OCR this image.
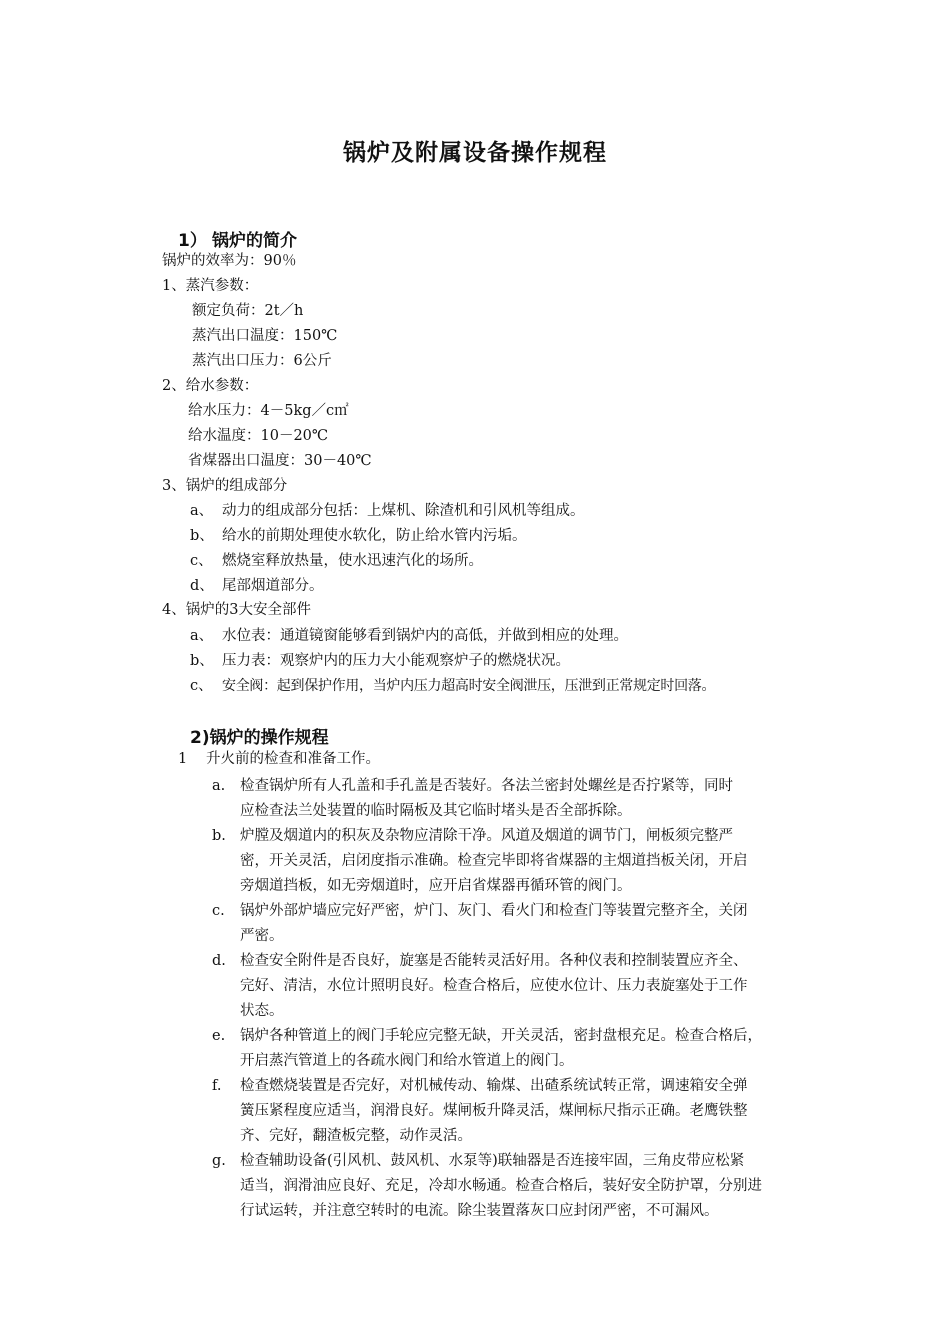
锅炉及附属设备操作规程
1） 锅炉的简介
锅炉的效率为：90％
1、蒸汽参数：
额定负荷：2t／h
蒸汽出口温度：150℃
蒸汽出口压力：6公斤
2、给水参数：
给水压力：4－5kg／c㎡
给水温度：10－20℃
省煤器出口温度：30－40℃
3、锅炉的组成部分
a、 动力的组成部分包括：上煤机、除渣机和引风机等组成。
b、 给水的前期处理使水软化，防止给水管内污垢。
c、 燃烧室释放热量，使水迅速汽化的场所。
d、 尾部烟道部分。
4、锅炉的3大安全部件
a、 水位表：通道镜窗能够看到锅炉内的高低，并做到相应的处理。
b、 压力表：观察炉内的压力大小能观察炉子的燃烧状况。
c、 安全阀：起到保护作用，当炉内压力超高时安全阀泄压，压泄到正常规定时回落。
2)锅炉的操作规程
1 升火前的检查和准备工作。
a. 检查锅炉所有人孔盖和手孔盖是否装好。各法兰密封处螺丝是否拧紧等，同时
应检查法兰处装置的临时隔板及其它临时堵头是否全部拆除。
b. 炉膛及烟道内的积灰及杂物应清除干净。风道及烟道的调节门，闸板须完整严
密，开关灵活，启闭度指示准确。检查完毕即将省煤器的主烟道挡板关闭，开启
旁烟道挡板，如无旁烟道时，应开启省煤器再循环管的阀门。
c. 锅炉外部炉墙应完好严密，炉门、灰门、看火门和检查门等装置完整齐全，关闭
严密。
d. 检查安全附件是否良好，旋塞是否能转灵活好用。各种仪表和控制装置应齐全、
完好、清洁，水位计照明良好。检查合格后，应使水位计、压力表旋塞处于工作
状态。
e. 锅炉各种管道上的阀门手轮应完整无缺，开关灵活，密封盘根充足。检查合格后，
开启蒸汽管道上的各疏水阀门和给水管道上的阀门。
f. 检查燃烧装置是否完好，对机械传动、输煤、出碴系统试转正常，调速箱安全弹
簧压紧程度应适当，润滑良好。煤闸板升降灵活，煤闸标尺指示正确。老鹰铁整
齐、完好，翻渣板完整，动作灵活。
g. 检查辅助设备(引风机、鼓风机、水泵等)联轴器是否连接牢固，三角皮带应松紧
适当，润滑油应良好、充足，冷却水畅通。检查合格后，装好安全防护罩，分别进
行试运转，并注意空转时的电流。除尘装置落灰口应封闭严密，不可漏风。
